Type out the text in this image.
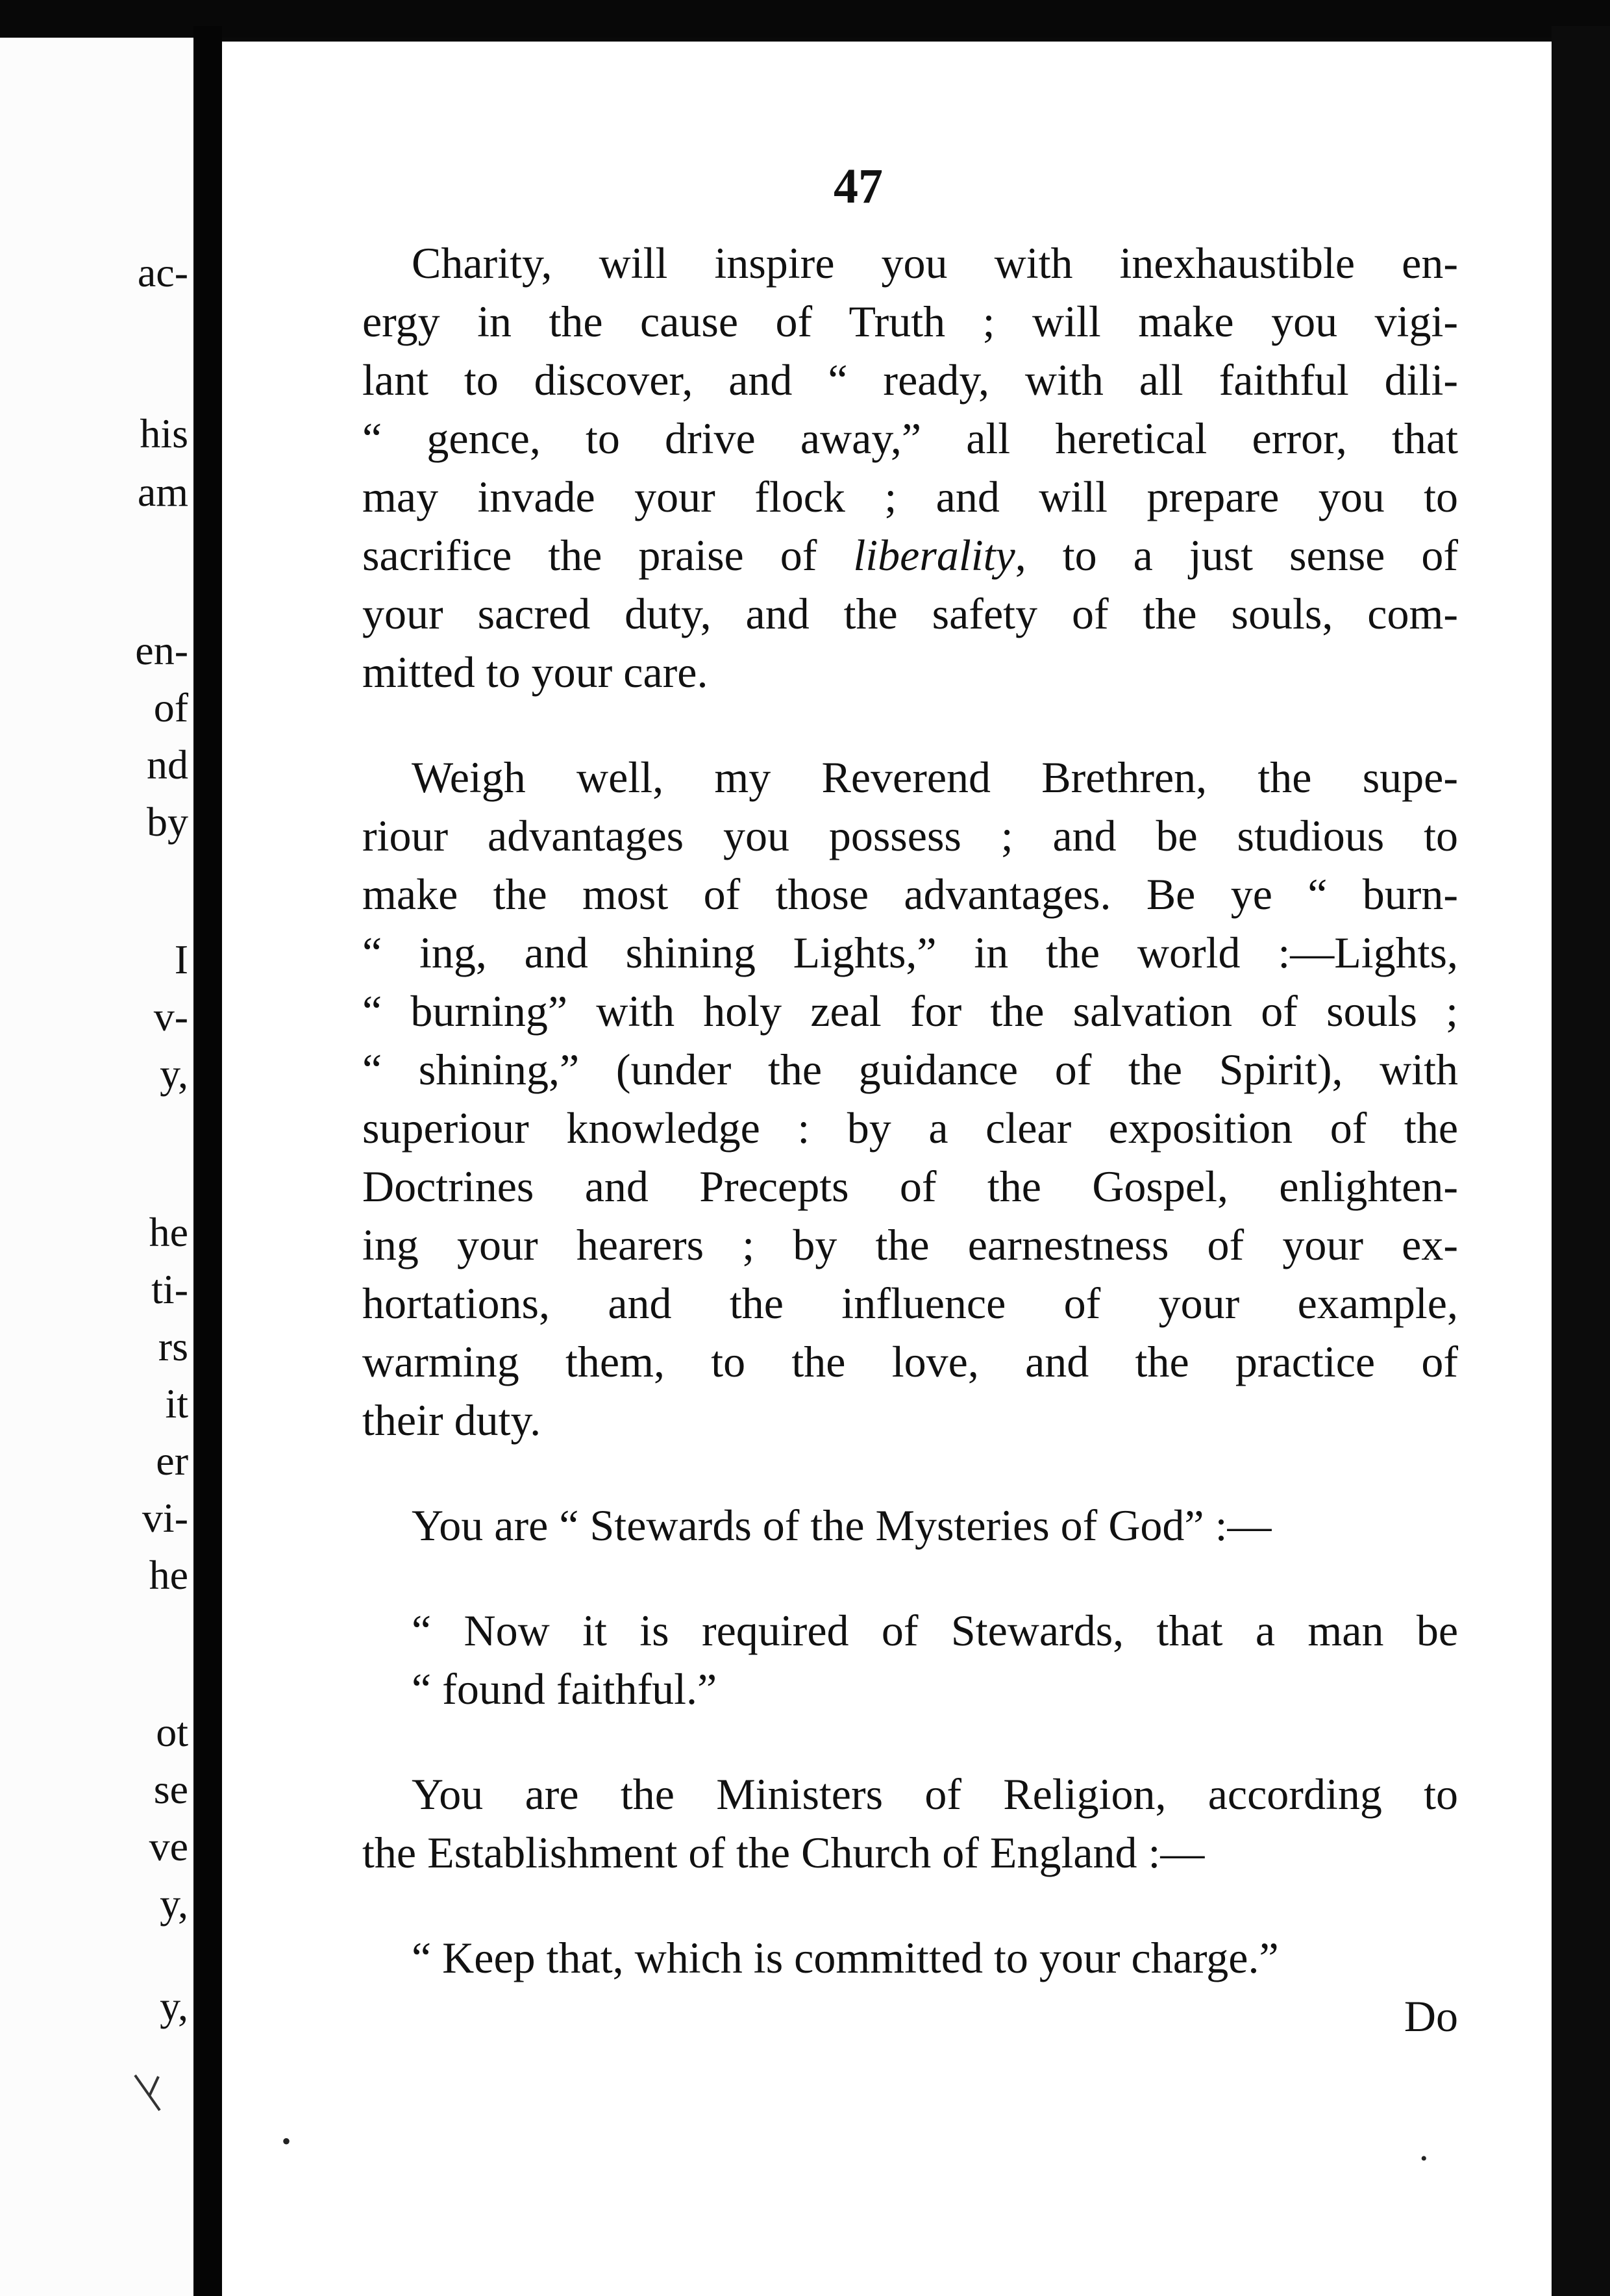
ac-
his
am
en-
of
nd
by
I
v-
y,
he
ti-
rs
it
er
vi-
he
ot
se
ve
y,
y,
47
Charity, will inspire you with inexhaustible en-
ergy in the cause of Truth ; will make you vigi-
lant to discover, and “ ready, with all faithful dili-
“ gence, to drive away,” all heretical error, that
may invade your flock ; and will prepare you to
sacrifice the praise of liberality, to a just sense of
your sacred duty, and the safety of the souls, com-
mitted to your care.
Weigh well, my Reverend Brethren, the supe-
riour advantages you possess ; and be studious to
make the most of those advantages. Be ye “ burn-
“ ing, and shining Lights,” in the world :—Lights,
“ burning” with holy zeal for the salvation of souls ;
“ shining,” (under the guidance of the Spirit), with
superiour knowledge : by a clear exposition of the
Doctrines and Precepts of the Gospel, enlighten-
ing your hearers ; by the earnestness of your ex-
hortations, and the influence of your example,
warming them, to the love, and the practice of
their duty.
You are “ Stewards of the Mysteries of God” :—
“ Now it is required of Stewards, that a man be
“ found faithful.”
You are the Ministers of Religion, according to
the Establishment of the Church of England :—
“ Keep that, which is committed to your charge.”
Do
•
•
